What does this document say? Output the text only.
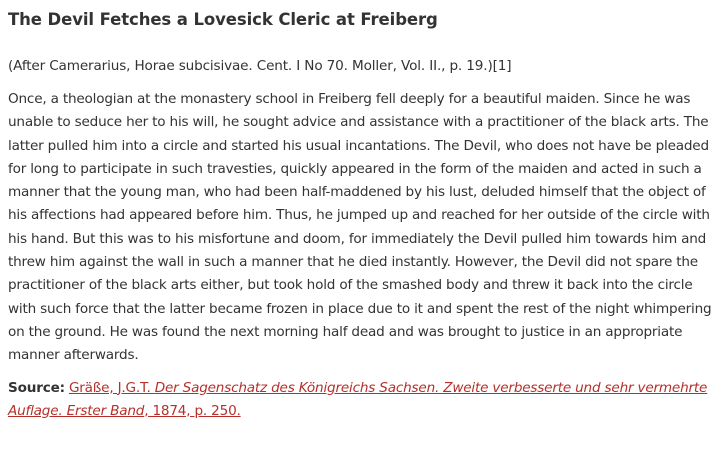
The Devil Fetches a Lovesick Cleric at Freiberg

(After Camerarius, Horae subcisivae. Cent. I No 70. Moller, Vol. II., p. 19.)[1]

Once, a theologian at the monastery school in Freiberg fell deeply for a beautiful maiden. Since he was unable to seduce her to his will, he sought advice and assistance with a practitioner of the black arts. The latter pulled him into a circle and started his usual incantations. The Devil, who does not have be pleaded for long to participate in such travesties, quickly appeared in the form of the maiden and acted in such a manner that the young man, who had been half-maddened by his lust, deluded himself that the object of his affections had appeared before him. Thus, he jumped up and reached for her outside of the circle with his hand. But this was to his misfortune and doom, for immediately the Devil pulled him towards him and threw him against the wall in such a manner that he died instantly. However, the Devil did not spare the practitioner of the black arts either, but took hold of the smashed body and threw it back into the circle with such force that the latter became frozen in place due to it and spent the rest of the night whimpering on the ground. He was found the next morning half dead and was brought to justice in an appropriate manner afterwards.

Source: Gräße, J.G.T. Der Sagenschatz des Königreichs Sachsen. Zweite verbesserte und sehr vermehrte Auflage. Erster Band, 1874, p. 250.
